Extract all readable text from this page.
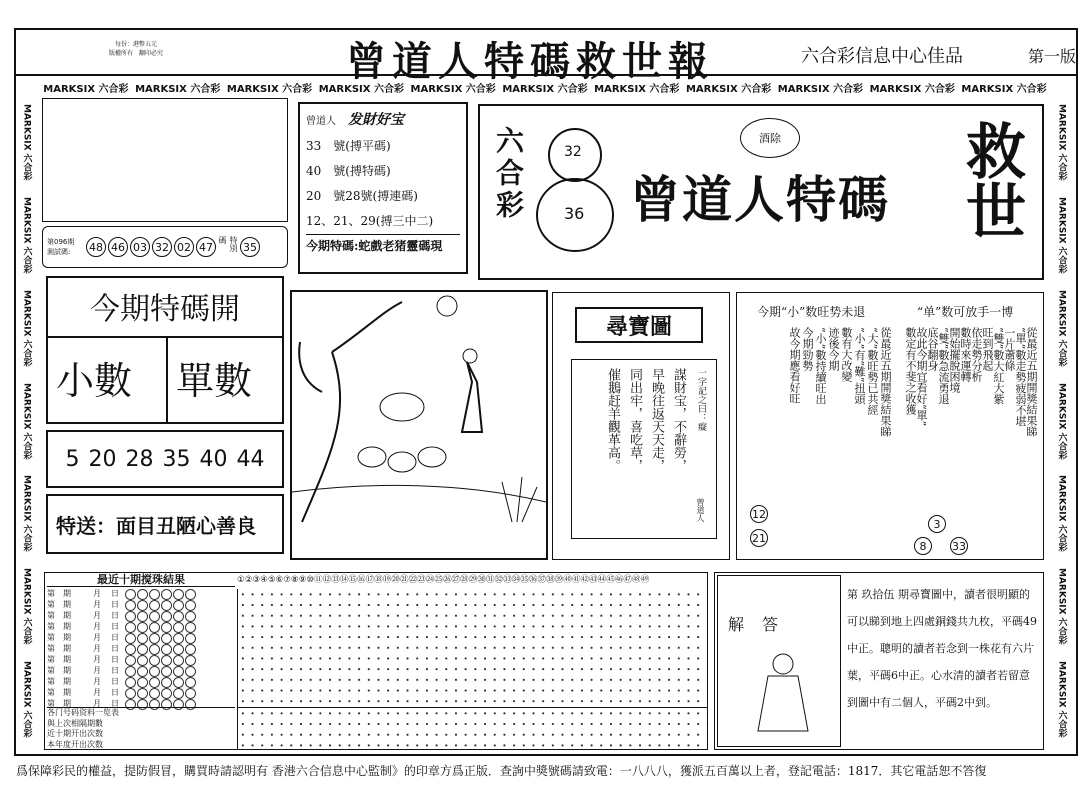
每份：港幣五元
版權所有　翻印必究	曾道人特碼救世報	六合彩信息中心佳品	第一版
MARKSIX 六合彩 MARKSIX 六合彩 MARKSIX 六合彩 MARKSIX 六合彩 MARKSIX 六合彩 MARKSIX 六合彩 MARKSIX 六合彩 MARKSIX 六合彩 MARKSIX 六合彩 MARKSIX 六合彩 MARKSIX 六合彩
MARKSIX 六合彩
MARKSIX 六合彩
MARKSIX 六合彩
MARKSIX 六合彩
MARKSIX 六合彩
MARKSIX 六合彩
MARKSIX 六合彩
MARKSIX 六合彩
MARKSIX 六合彩
MARKSIX 六合彩
MARKSIX 六合彩
MARKSIX 六合彩
MARKSIX 六合彩
MARKSIX 六合彩
第096期
測試碼:	48 46 03 32 02 47	特別碼
35
曾道人　 发財好宝
33　號(搏平碼)
40　號(搏特碼)
20　號28號(搏連碼)
12、21、29(搏三中二)
今期特碼:蛇戲老猪靈碼現
六合彩	32
36
酒除
曾道人特碼 救世
今期特碼開
小數 單數
5 20 28 35 40 44
特送：面目丑陋心善良
尋寶圖
一字記之曰：癡
謀財宝，不辭勞，
早晚往返天天走，
同出牢，喜吃草，
催鵝赶羊觀革高。
曾道人
今期“小”数旺势未退	“单”数可放手一博
從最近五期開獎結果睇
“大”數旺勢已共經
“小”有“難”扭頭
數有大改變
迹後今期
“小”數持續旺出
今期勁勢
故今期應看好旺	從最近五期開獎結果睇
“單”數走勢疲弱不堪
一片蕭條
“雙”數大紅大紫
旺到飛起
依走勢分析
數時來運轉
開始擺脫困境
“雙”數急流勇退
底谷翻身
故此今期宜看好“單”
數定有不斐之收獲
12
21
3
8	33
最近十期搅珠結果	①②③④⑤⑥⑦⑧⑨⑩⑪⑫⑬⑭⑮⑯⑰⑱⑲⑳㉑㉒㉓㉔㉕㉖㉗㉘㉙㉚㉛㉜㉝㉞㉟㊱㊲㊳㊴㊵㊶㊷㊸㊹㊺㊻㊼㊽㊾
第　期	月	日
第　期	月	日
第　期	月	日
第　期	月	日
第　期	月	日
第　期	月	日
第　期	月	日
第　期	月	日
第　期	月	日
第　期	月	日
第　期	月	日
各门号码资料一览表
與上次相隔期數
近十期开出次数
本年度开出次数
解答
第 玖拾伍 期尋寶圖中，讀者很明顯的可以睇到地上四處銅錢共九枚，平碼49中正。聰明的讀者若念到一株花有六片葉，平碼6中正。心水清的讀者若留意到圖中有二個人，平碼2中到。
爲保障彩民的權益，提防假冒，購買時請認明有 香港六合信息中心監制》的印章方爲正版．查詢中獎號碼請致電：一八八八，獲派五百萬以上者，登記電話：1817．其它電話恕不答復
